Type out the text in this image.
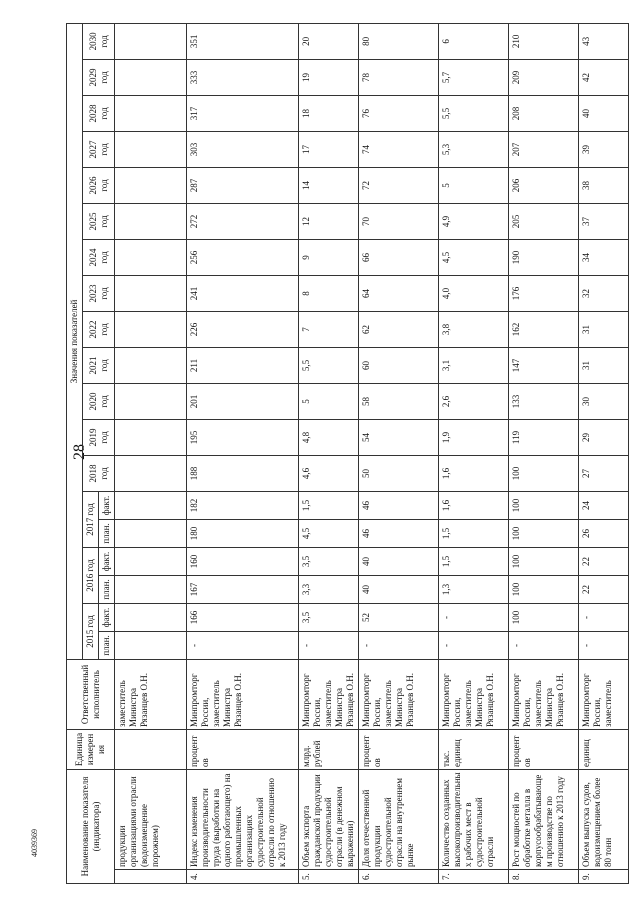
28
4039369	Наименование показателя (индикатора)		Единица измерения	Ответственный исполнитель	Значения показателей																		
				2015 год		2016 год		2017 год		2018 год	2019 год	2020 год	2021 год	2022 год	2023 год	2024 год	2025 год	2026 год	2027 год	2028 год	2029 год	2030 год
				план.	факт.	план.	факт.	план.	факт.													
	продукции организациями отрасли (водоизмещение порожнем)		заместитель Министра Рязанцев О.Н.																			
4.	Индекс изменения производительности труда (выработки на одного работающего) на промышленных организациях судостроительной отрасли по отношению к 2013 году	процентов	Минпромторг России, заместитель Министра Рязанцев О.Н.	-	166	167	160	180	182	188	195	201	211	226	241	256	272	287	303	317	333	351
5.	Объем экспорта гражданской продукции судостроительной отрасли (в денежном выражении)	млрд. рублей	Минпромторг России, заместитель Министра Рязанцев О.Н.	-	3,5	3,3	3,5	4,5	1,5	4,6	4,8	5	5,5	7	8	9	12	14	17	18	19	20
6.	Доля отечественной продукции судостроительной отрасли на внутреннем рынке	процентов	Минпромторг России, заместитель Министра Рязанцев О.Н.	-	52	40	40	46	46	50	54	58	60	62	64	66	70	72	74	76	78	80
7.	Количество созданных высокопроизводительных рабочих мест в судостроительной отрасли	тыс. единиц	Минпромторг России, заместитель Министра Рязанцев О.Н.	-	-	1,3	1,5	1,5	1,6	1,6	1,9	2,6	3,1	3,8	4,0	4,5	4,9	5	5,3	5,5	5,7	6
8.	Рост мощностей по обработке металла в корпусообрабатывающем производстве по отношению к 2013 году	процентов	Минпромторг России, заместитель Министра Рязанцев О.Н.	-	100	100	100	100	100	100	119	133	147	162	176	190	205	206	207	208	209	210
9.	Объем выпуска судов, водоизмещением более 80 тонн	единиц	Минпромторг России, заместитель	-	-	22	22	26	24	27	29	30	31	31	32	34	37	38	39	40	42	43
